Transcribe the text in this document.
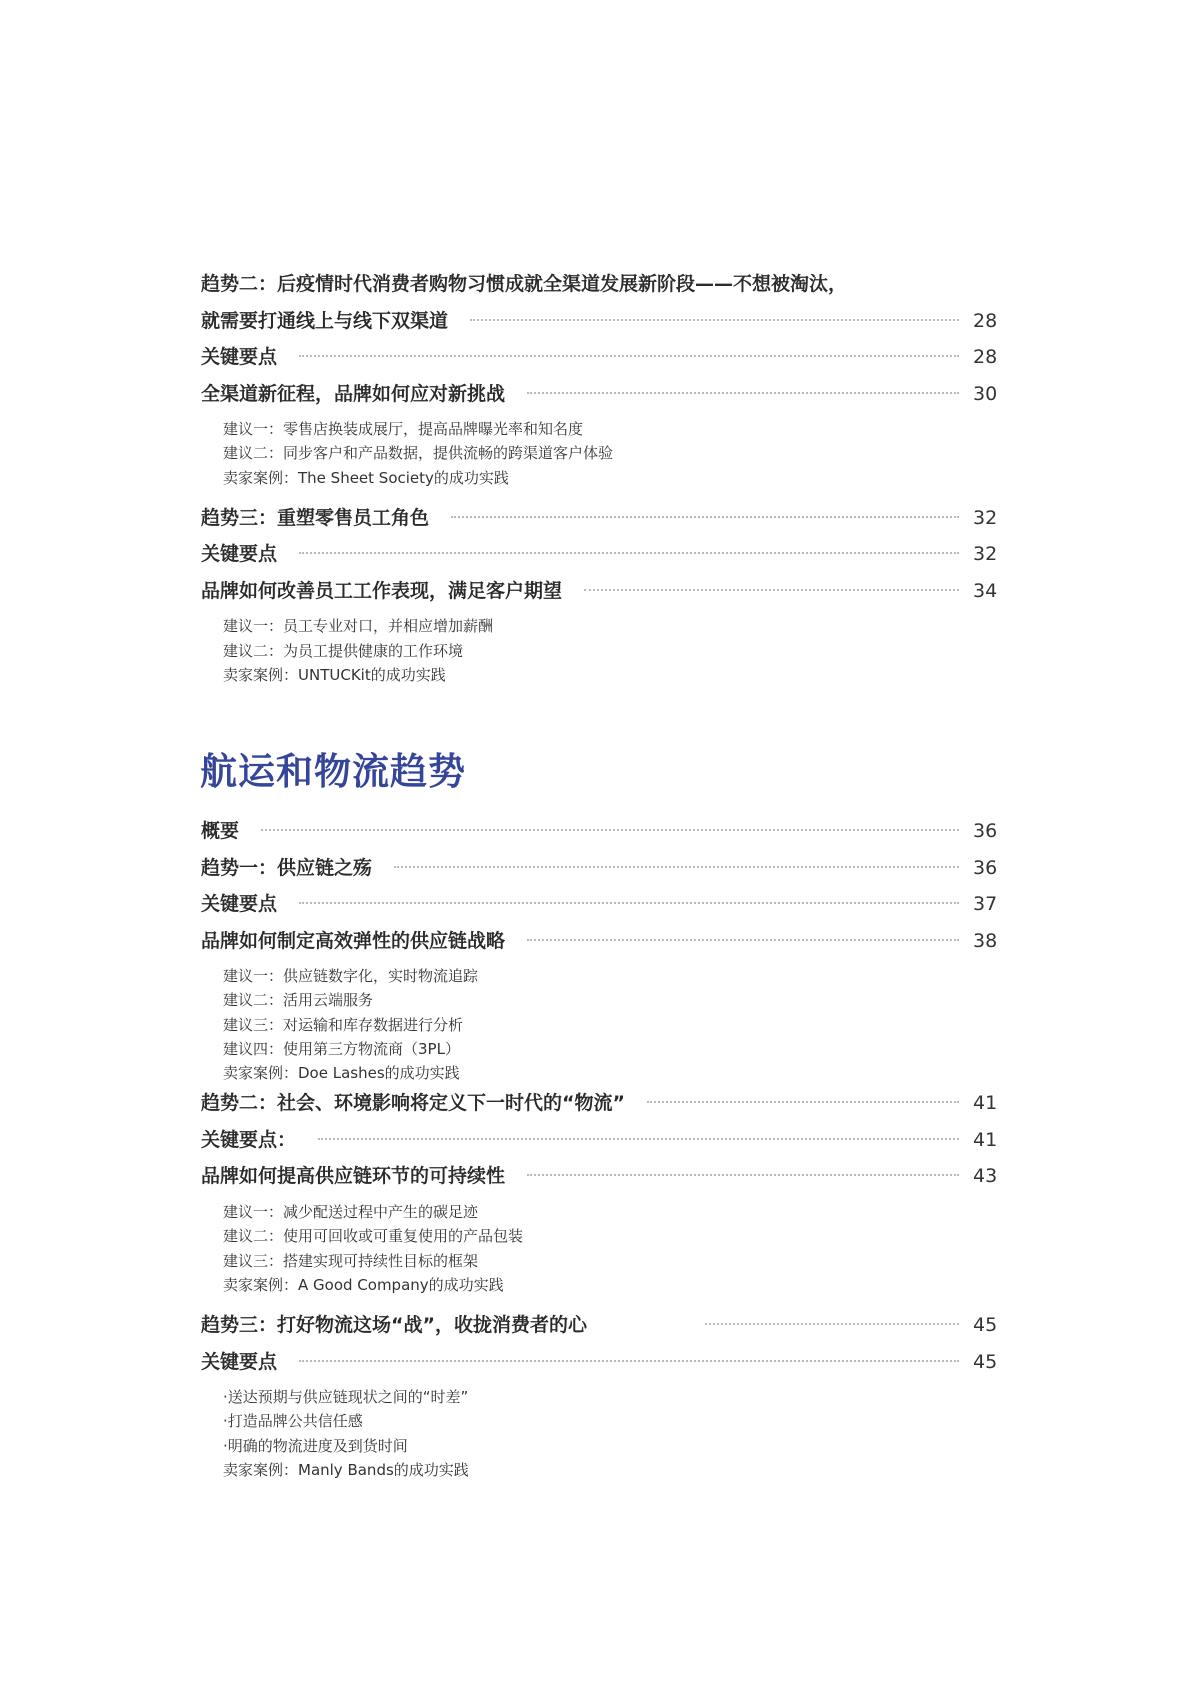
趋势二：后疫情时代消费者购物习惯成就全渠道发展新阶段——不想被淘汰，
就需要打通线上与线下双渠道	28
关键要点	28
全渠道新征程，品牌如何应对新挑战	30
建议一：零售店换装成展厅，提高品牌曝光率和知名度
建议二：同步客户和产品数据，提供流畅的跨渠道客户体验
卖家案例：The Sheet Society的成功实践
趋势三：重塑零售员工角色	32
关键要点	32
品牌如何改善员工工作表现，满足客户期望	34
建议一：员工专业对口，并相应增加薪酬
建议二：为员工提供健康的工作环境
卖家案例：UNTUCKit的成功实践
航运和物流趋势
概要	36
趋势一：供应链之殇	36
关键要点	37
品牌如何制定高效弹性的供应链战略	38
建议一：供应链数字化，实时物流追踪
建议二：活用云端服务
建议三：对运输和库存数据进行分析
建议四：使用第三方物流商（3PL）
卖家案例：Doe Lashes的成功实践
趋势二：社会、环境影响将定义下一时代的“物流”	41
关键要点：	41
品牌如何提高供应链环节的可持续性	43
建议一：减少配送过程中产生的碳足迹
建议二：使用可回收或可重复使用的产品包装
建议三：搭建实现可持续性目标的框架
卖家案例：A Good Company的成功实践
趋势三：打好物流这场“战”，收拢消费者的心	45
关键要点	45
·送达预期与供应链现状之间的“时差”
·打造品牌公共信任感
·明确的物流进度及到货时间
卖家案例：Manly Bands的成功实践
